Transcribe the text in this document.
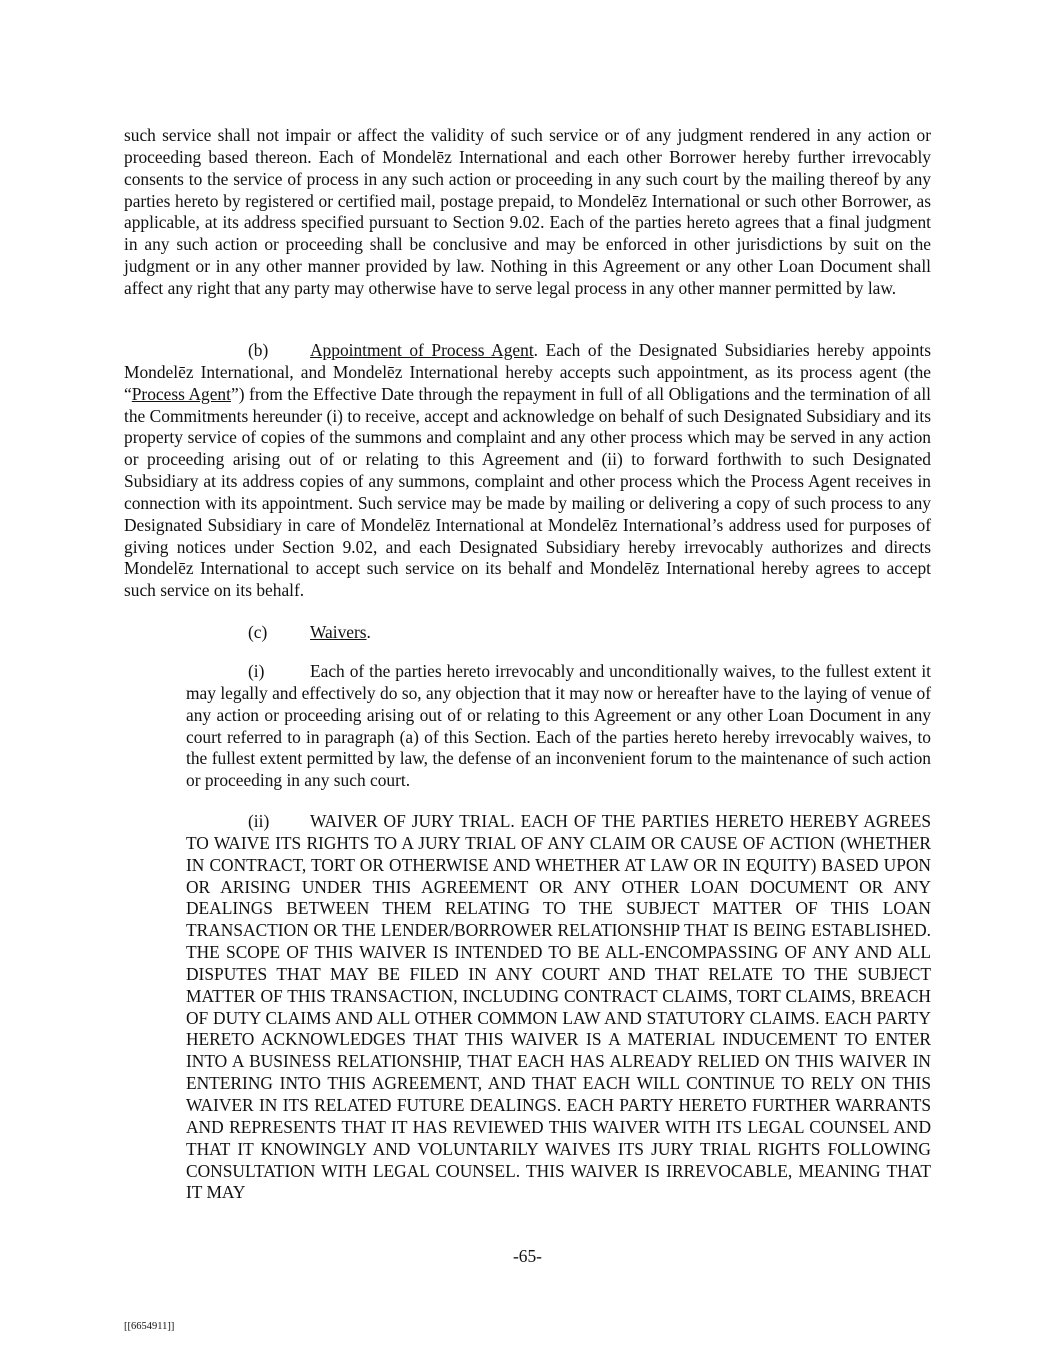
such service shall not impair or affect the validity of such service or of any judgment rendered in any action or proceeding based thereon. Each of Mondelēz International and each other Borrower hereby further irrevocably consents to the service of process in any such action or proceeding in any such court by the mailing thereof by any parties hereto by registered or certified mail, postage prepaid, to Mondelēz International or such other Borrower, as applicable, at its address specified pursuant to Section 9.02. Each of the parties hereto agrees that a final judgment in any such action or proceeding shall be conclusive and may be enforced in other jurisdictions by suit on the judgment or in any other manner provided by law. Nothing in this Agreement or any other Loan Document shall affect any right that any party may otherwise have to serve legal process in any other manner permitted by law.

(b) Appointment of Process Agent. Each of the Designated Subsidiaries hereby appoints Mondelēz International, and Mondelēz International hereby accepts such appointment, as its process agent (the “Process Agent”) from the Effective Date through the repayment in full of all Obligations and the termination of all the Commitments hereunder (i) to receive, accept and acknowledge on behalf of such Designated Subsidiary and its property service of copies of the summons and complaint and any other process which may be served in any action or proceeding arising out of or relating to this Agreement and (ii) to forward forthwith to such Designated Subsidiary at its address copies of any summons, complaint and other process which the Process Agent receives in connection with its appointment. Such service may be made by mailing or delivering a copy of such process to any Designated Subsidiary in care of Mondelēz International at Mondelēz International’s address used for purposes of giving notices under Section 9.02, and each Designated Subsidiary hereby irrevocably authorizes and directs Mondelēz International to accept such service on its behalf and Mondelēz International hereby agrees to accept such service on its behalf.

(c) Waivers.

(i)	Each of the parties hereto irrevocably and unconditionally waives, to the fullest extent it may legally and effectively do so, any objection that it may now or hereafter have to the laying of venue of any action or proceeding arising out of or relating to this Agreement or any other Loan Document in any court referred to in paragraph (a) of this Section. Each of the parties hereto hereby irrevocably waives, to the fullest extent permitted by law, the defense of an inconvenient forum to the maintenance of such action or proceeding in any such court.

(ii) WAIVER OF JURY TRIAL. EACH OF THE PARTIES HERETO HEREBY AGREES TO WAIVE ITS RIGHTS TO A JURY TRIAL OF ANY CLAIM OR CAUSE OF ACTION (WHETHER IN CONTRACT, TORT OR OTHERWISE AND WHETHER AT LAW OR IN EQUITY) BASED UPON OR ARISING UNDER THIS AGREEMENT OR ANY OTHER LOAN DOCUMENT OR ANY DEALINGS BETWEEN THEM RELATING TO THE SUBJECT MATTER OF THIS LOAN TRANSACTION OR THE LENDER/BORROWER RELATIONSHIP THAT IS BEING ESTABLISHED. THE SCOPE OF THIS WAIVER IS INTENDED TO BE ALL-ENCOMPASSING OF ANY AND ALL DISPUTES THAT MAY BE FILED IN ANY COURT AND THAT RELATE TO THE SUBJECT MATTER OF THIS TRANSACTION, INCLUDING CONTRACT CLAIMS, TORT CLAIMS, BREACH OF DUTY CLAIMS AND ALL OTHER COMMON LAW AND STATUTORY CLAIMS. EACH PARTY HERETO ACKNOWLEDGES THAT THIS WAIVER IS A MATERIAL INDUCEMENT TO ENTER INTO A BUSINESS RELATIONSHIP, THAT EACH HAS ALREADY RELIED ON THIS WAIVER IN ENTERING INTO THIS AGREEMENT, AND THAT EACH WILL CONTINUE TO RELY ON THIS WAIVER IN ITS RELATED FUTURE DEALINGS. EACH PARTY HERETO FURTHER WARRANTS AND REPRESENTS THAT IT HAS REVIEWED THIS WAIVER WITH ITS LEGAL COUNSEL AND THAT IT KNOWINGLY AND VOLUNTARILY WAIVES ITS JURY TRIAL RIGHTS FOLLOWING CONSULTATION WITH LEGAL COUNSEL. THIS WAIVER IS IRREVOCABLE, MEANING THAT IT MAY

-65-
[[6654911]]
